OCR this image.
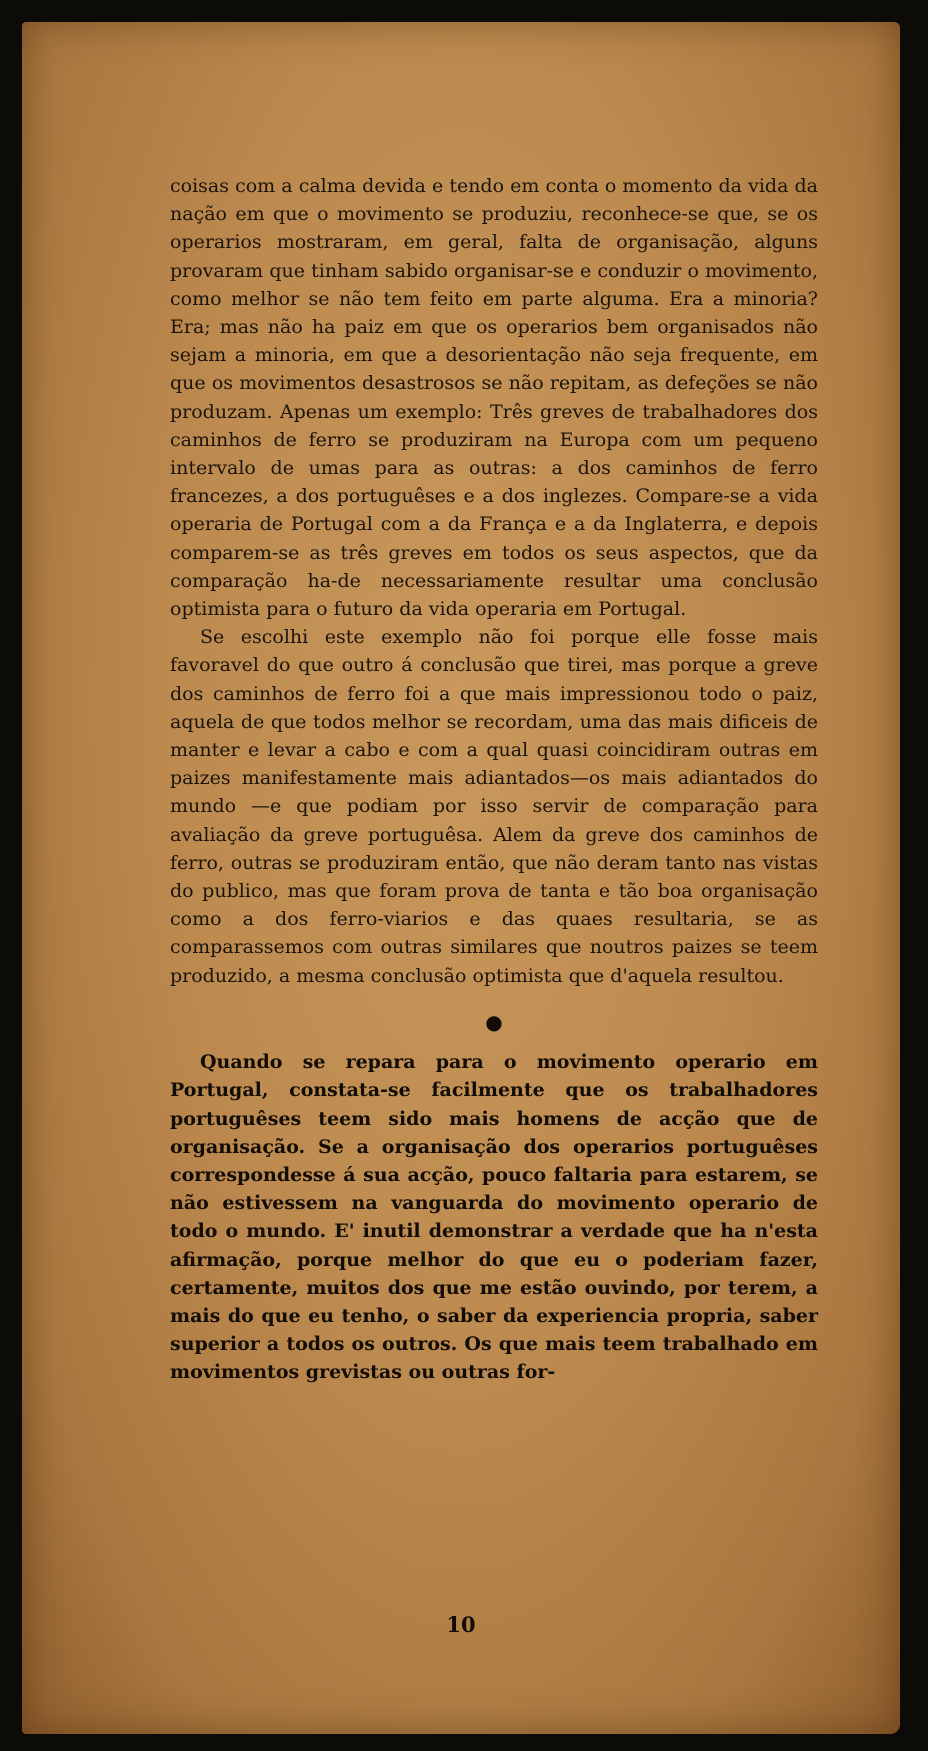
coisas com a calma devida e tendo em conta o momento da vida da nação em que o movimento se produziu, reconhece-se que, se os operarios mostraram, em geral, falta de organisação, alguns provaram que tinham sabido organisar-se e conduzir o movimento, como melhor se não tem feito em parte alguma. Era a minoria? Era; mas não ha paiz em que os operarios bem organisados não sejam a minoria, em que a desorientação não seja frequente, em que os movimentos desastrosos se não repitam, as defeções se não produzam. Apenas um exemplo: Três greves de trabalhadores dos caminhos de ferro se produziram na Europa com um pequeno intervalo de umas para as outras: a dos caminhos de ferro francezes, a dos portuguêses e a dos inglezes. Compare-se a vida operaria de Portugal com a da França e a da Inglaterra, e depois comparem-se as três greves em todos os seus aspectos, que da comparação ha-de necessariamente resultar uma conclusão optimista para o futuro da vida operaria em Portugal.

Se escolhi este exemplo não foi porque elle fosse mais favoravel do que outro á conclusão que tirei, mas porque a greve dos caminhos de ferro foi a que mais impressionou todo o paiz, aquela de que todos melhor se recordam, uma das mais dificeis de manter e levar a cabo e com a qual quasi coincidiram outras em paizes manifestamente mais adiantados—os mais adiantados do mundo —e que podiam por isso servir de comparação para avaliação da greve portuguêsa. Alem da greve dos caminhos de ferro, outras se produziram então, que não deram tanto nas vistas do publico, mas que foram prova de tanta e tão boa organisação como a dos ferro-viarios e das quaes resultaria, se as comparassemos com outras similares que noutros paizes se teem produzido, a mesma conclusão optimista que d'aquela resultou.

●

Quando se repara para o movimento operario em Portugal, constata-se facilmente que os trabalhadores portuguêses teem sido mais homens de acção que de organisação. Se a organisação dos operarios portuguêses correspondesse á sua acção, pouco faltaria para estarem, se não estivessem na vanguarda do movimento operario de todo o mundo. E' inutil demonstrar a verdade que ha n'esta afirmação, porque melhor do que eu o poderiam fazer, certamente, muitos dos que me estão ouvindo, por terem, a mais do que eu tenho, o saber da experiencia propria, saber superior a todos os outros. Os que mais teem trabalhado em movimentos grevistas ou outras for-

10
